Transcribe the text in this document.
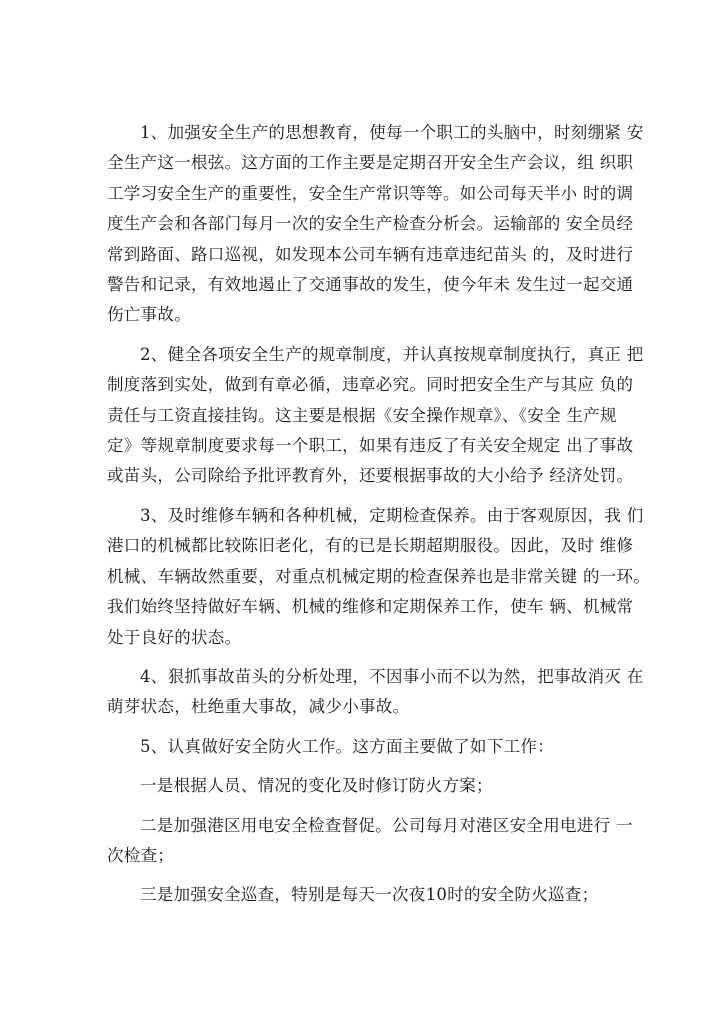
1、加强安全生产的思想教育，使每一个职工的头脑中，时刻绷紧 安
全生产这一根弦。这方面的工作主要是定期召开安全生产会议，组 织职
工学习安全生产的重要性，安全生产常识等等。如公司每天半小 时的调
度生产会和各部门每月一次的安全生产检查分析会。运输部的 安全员经
常到路面、路口巡视，如发现本公司车辆有违章违纪苗头 的，及时进行
警告和记录，有效地遏止了交通事故的发生，使今年未 发生过一起交通
伤亡事故。

2、健全各项安全生产的规章制度，并认真按规章制度执行，真正 把
制度落到实处，做到有章必循，违章必究。同时把安全生产与其应 负的
责任与工资直接挂钩。这主要是根据《安全操作规章》、《安全 生产规
定》等规章制度要求每一个职工，如果有违反了有关安全规定 出了事故
或苗头，公司除给予批评教育外，还要根据事故的大小给予 经济处罚。

3、及时维修车辆和各种机械，定期检查保养。由于客观原因，我 们
港口的机械都比较陈旧老化，有的已是长期超期服役。因此，及时 维修
机械、车辆故然重要，对重点机械定期的检查保养也是非常关键 的一环。
我们始终坚持做好车辆、机械的维修和定期保养工作，使车 辆、机械常
处于良好的状态。

4、狠抓事故苗头的分析处理，不因事小而不以为然，把事故消灭 在
萌芽状态，杜绝重大事故，减少小事故。

5、认真做好安全防火工作。这方面主要做了如下工作：

一是根据人员、情况的变化及时修订防火方案；

二是加强港区用电安全检查督促。公司每月对港区安全用电进行 一
次检查；

三是加强安全巡查，特别是每天一次夜10时的安全防火巡查；
